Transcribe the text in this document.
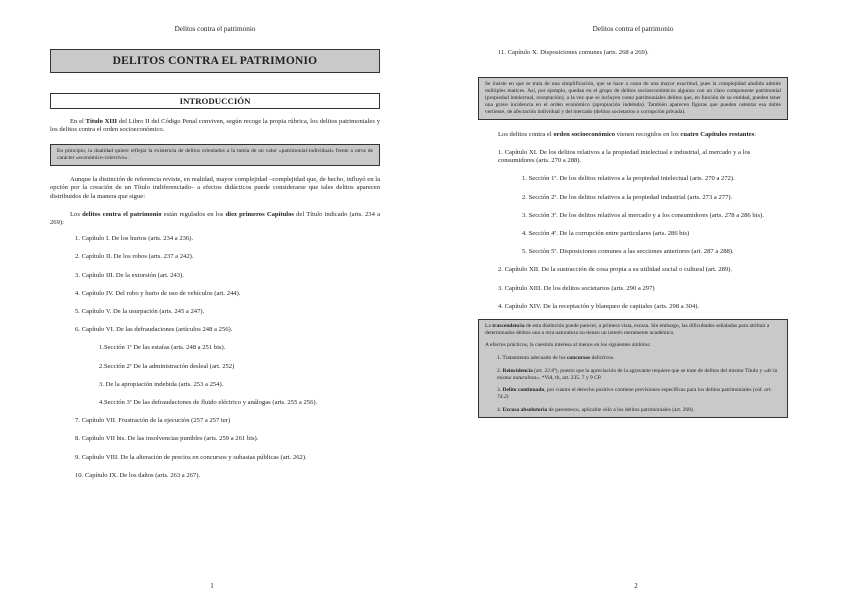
Delitos contra el patrimonio
DELITOS CONTRA EL PATRIMONIO
INTRODUCCIÓN

En el Título XIII del Libro II del Código Penal conviven, según recoge la propia rúbrica, los delitos patrimoniales y los delitos contra el orden socioeconómico.

En principio, la dualidad quiere reflejar la existencia de delitos orientados a la tutela de un valor «patrimonial-individual» frente a otros de carácter «económico-colectivo».

Aunque la distinción de referencia reviste, en realidad, mayor complejidad –complejidad que, de hecho, influyó en la opción por la creación de un Título indiferenciado– a efectos didácticos puede considerarse que tales delitos aparecen distribuidos de la manera que sigue:

Los delitos contra el patrimonio están regulados en los diez primeros Capítulos del Título indicado (arts. 234 a 269):

1. Capítulo I. De los hurtos (arts. 234 a 236).

2. Capítulo II. De los robos (arts. 237 a 242).

3. Capítulo III. De la extorsión (art. 243).

4. Capítulo IV. Del robo y hurto de uso de vehículos (art. 244).

5. Capítulo V. De la usurpación (arts. 245 a 247).

6. Capítulo VI. De las defraudaciones (artículos 248 a 256).

1.Sección 1ª De las estafas (arts. 248 a 251 bis).

2.Sección 2ª De la administración desleal (art. 252)

3. De la apropiación indebida (arts. 253 a 254).

4.Sección 3ª De las defraudaciones de fluido eléctrico y análogas (arts. 255 a 256).

7. Capítulo VII. Frustración de la ejecución (257 a 257 ter)

8. Capítulo VII bis. De las insolvencias punibles (arts. 259 a 261 bis).

9. Capítulo VIII. De la alteración de precios en concursos y subastas públicas (art. 262).

10. Capítulo IX. De los daños (arts. 263 a 267).

1
Delitos contra el patrimonio

11. Capítulo X. Disposiciones comunes (arts. 268 a 269).

Se insiste en que se trata de una simplificación, que se hace a costa de una mayor exactitud, pues la complejidad aludida admite múltiples matices. Así, por ejemplo, quedan en el grupo de delitos socioeconómicos algunos con un claro componente patrimonial (propiedad intelectual, receptación), a la vez que se incluyen como patrimoniales delitos que, en función de su entidad, pueden tener una grave incidencia en el orden económico (apropiación indebida). También aparecen figuras que pueden ostentar esa doble vertiente, de afectación individual y del mercado (delitos societarios o corrupción privada).

Los delitos contra el orden socioeconómico vienen recogidos en los cuatro Capítulos restantes:

1. Capítulo XI. De los delitos relativos a la propiedad intelectual e industrial, al mercado y a los consumidores (arts. 270 a 288).

1. Sección 1ª. De los delitos relativos a la propiedad intelectual (arts. 270 a 272).

2. Sección 2ª. De los delitos relativos a la propiedad industrial (arts. 273 a 277).

3. Sección 3ª. De los delitos relativos al mercado y a los consumidores (arts. 278 a 286 bis).

4. Sección 4ª. De la corrupción entre particulares (arts. 286 bis)

5. Sección 5ª. Disposiciones comunes a las secciones anteriores (art. 287 a 288).

2. Capítulo XII. De la sustracción de cosa propia a su utilidad social o cultural (art. 289).

3. Capítulo XIII. De los delitos societarios (arts. 290 a 297)

4. Capítulo XIV. De la receptación y blanqueo de capitales (arts. 298 a 304).

La trascendencia de esta distinción puede parecer, a primera vista, escasa. Sin embargo, las dificultades señaladas para atribuir a determinados delitos una u otra naturaleza no tienen un interés meramente académico.

A efectos prácticos, la cuestión interesa al menos en los siguientes ámbitos:

1. Tratamiento adecuado de los concursos delictivos.

2. Reincidencia (art. 22.8ª), puesto que la apreciación de la agravante requiere que se trate de delitos del mismo Título y «de la misma naturaleza». *Vid, th, art. 235. 7 y 9 CP.

3. Delito continuado, por cuanto el derecho positivo contiene previsiones específicas para los delitos patrimoniales (vid. art. 74.2)

4. Excusa absolutoria de parentesco, aplicable sólo a los delitos patrimoniales (art. 268).

2
